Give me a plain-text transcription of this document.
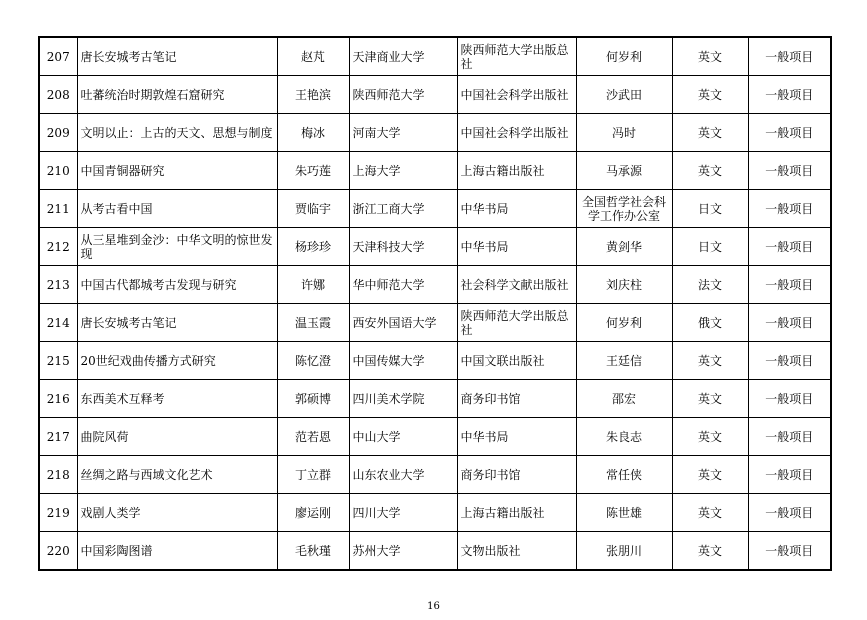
207	唐长安城考古笔记	赵芃	天津商业大学	陕西师范大学出版总社	何岁利	英文	一般项目
208	吐蕃统治时期敦煌石窟研究	王艳滨	陕西师范大学	中国社会科学出版社	沙武田	英文	一般项目
209	文明以止：上古的天文、思想与制度	梅冰	河南大学	中国社会科学出版社	冯时	英文	一般项目
210	中国青铜器研究	朱巧莲	上海大学	上海古籍出版社	马承源	英文	一般项目
211	从考古看中国	贾临宇	浙江工商大学	中华书局	全国哲学社会科学工作办公室	日文	一般项目
212	从三星堆到金沙：中华文明的惊世发现	杨珍珍	天津科技大学	中华书局	黄剑华	日文	一般项目
213	中国古代都城考古发现与研究	许娜	华中师范大学	社会科学文献出版社	刘庆柱	法文	一般项目
214	唐长安城考古笔记	温玉霞	西安外国语大学	陕西师范大学出版总社	何岁利	俄文	一般项目
215	20世纪戏曲传播方式研究	陈忆澄	中国传媒大学	中国文联出版社	王廷信	英文	一般项目
216	东西美术互释考	郭硕博	四川美术学院	商务印书馆	邵宏	英文	一般项目
217	曲院风荷	范若恩	中山大学	中华书局	朱良志	英文	一般项目
218	丝绸之路与西域文化艺术	丁立群	山东农业大学	商务印书馆	常任侠	英文	一般项目
219	戏剧人类学	廖运刚	四川大学	上海古籍出版社	陈世雄	英文	一般项目
220	中国彩陶图谱	毛秋瑾	苏州大学	文物出版社	张朋川	英文	一般项目
16
